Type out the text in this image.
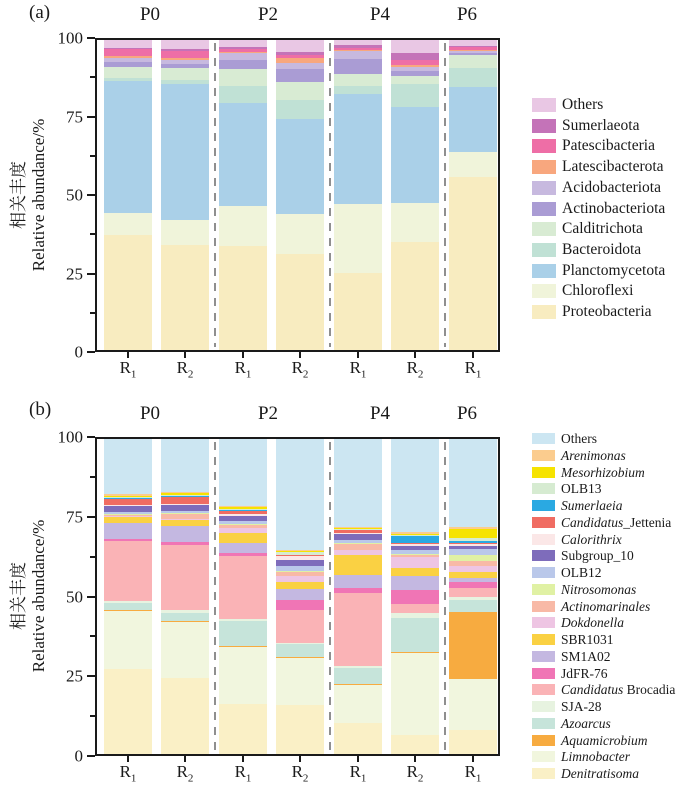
(a)
相关丰度 Relative abundance/%
P0	P2	P4	P6
0
25
50
75
100
$R_1$ $R_2$ $R_1$ $R_2$ $R_1$ $R_2$ $R_1$
Others
Sumerlaeota
Patescibacteria
Latescibacterota
Acidobacteriota
Actinobacteriota
Calditrichota
Bacteroidota
Planctomycetota
Chloroflexi
Proteobacteria
(b)
相关丰度 Relative abundance/%
P0	P2	P4	P6
0
25
50
75
100
$R_1$ $R_2$ $R_1$ $R_2$ $R_1$ $R_2$ $R_1$
Others
Arenimonas
Mesorhizobium
OLB13
Sumerlaeia
Candidatus_Jettenia
Calorithrix
Subgroup_10
OLB12
Nitrosomonas
Actinomarinales
Dokdonella
SBR1031
SM1A02
JdFR-76
Candidatus Brocadia
SJA-28
Azoarcus
Aquamicrobium
Limnobacter
Denitratisoma
